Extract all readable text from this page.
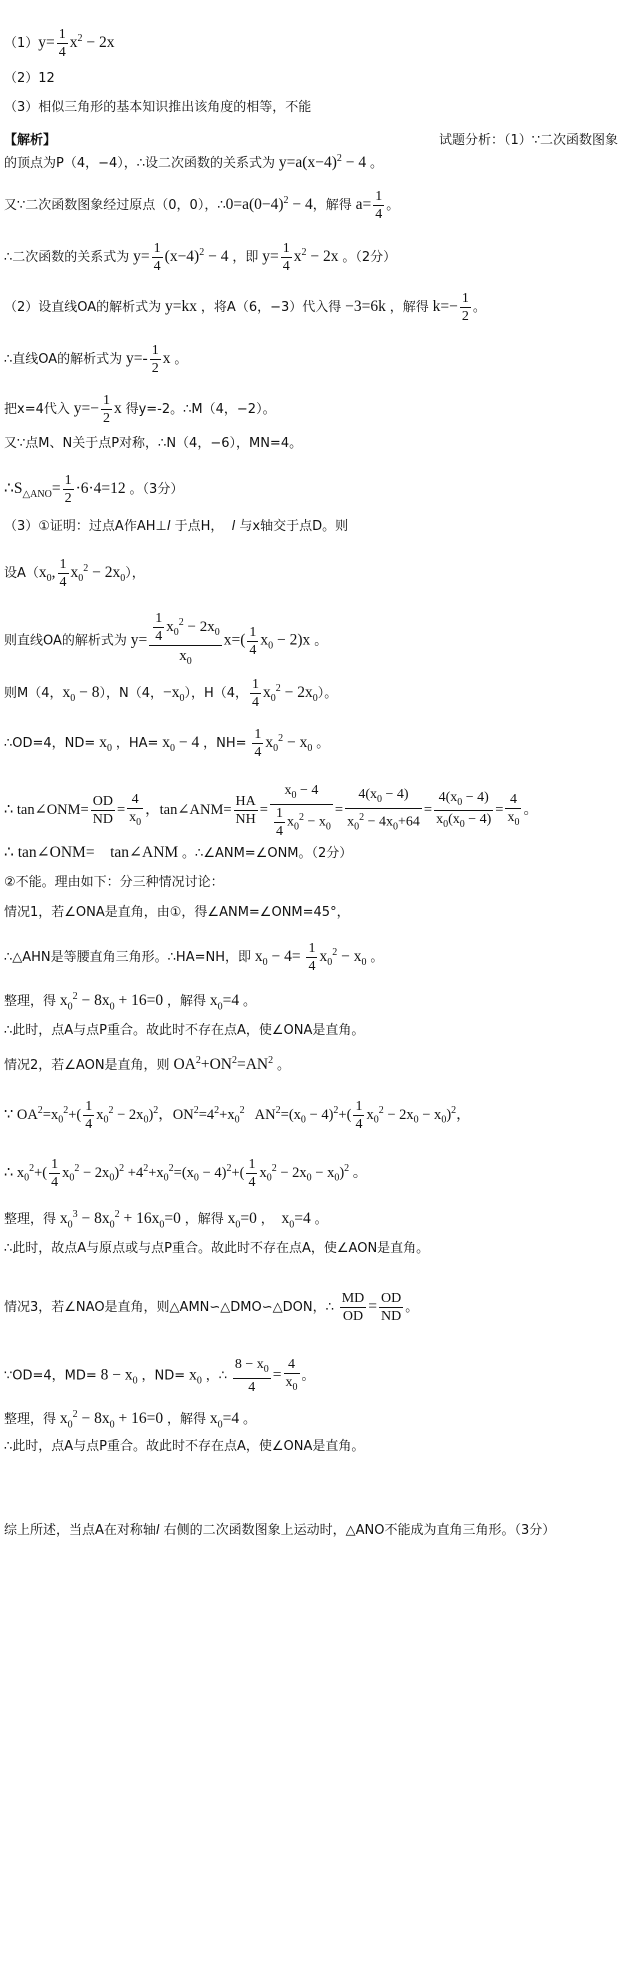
$(1)y= \frac{1}{4} x^2 - 2x$
（2）12
（3）相似三角形的基本知识推出该角度的相等，不能
【解析】	试题分析：（1）∵二次函数图象
的顶点为P（4，−4），∴设二次函数的关系式为 $y=a(x-4)^2 - 4$ 。
又∵二次函数图象经过原点（0，0），$\therefore 0=a(0-4)^2 - 4$，解得 $a= \frac{1}{4}$ 。
∴二次函数的关系式为 $y= \frac{1}{4} (x-4)^2 - 4$ ，即 $y= \frac{1}{4} x^2 - 2x$ 。（2分）
（2）设直线OA的解析式为 y=kx ，将A（6，−3）代入得 −3=6k ，解得 $k=- \frac{1}{2}$ 。
∴直线OA的解析式为 $y=- \frac{1}{2}$ x 。
把x=4代入 $y=- \frac{1}{2}$ x 得y=-2。∴M（4，−2）。
又∵点M、N关于点P对称，∴N（4，−6），MN=4。
$\therefore S_{\triangle ANO}= \frac{1}{2} \cdot 6\cdot 4=12$ 。（3分）
（3）①证明：过点A作AH⊥l 于点H，  l 与x轴交于点D。则
设$A(x_0$, $\frac{1}{4} x_0^2 - 2x_0$），
则直线OA的解析式为 $y= \frac{\frac{1}{4} x_0^2 - 2x_0}{x_0} x=( \frac{1}{4} x_0 - 2)x$ 。
则M（4，$x_0 - 8$），N（4，$-x_0$），H（4， $\frac{1}{4} x_0^2 - 2x_0$）。
∴OD=4，$ND= x_0$ ，$HA= x_0 - 4$ ，$NH= \frac{1}{4} x_0^2 - x_0$ 。
∴ tan∠ONM= $\frac{OD}{ND} = \frac{4}{x_0}$ ，tan∠ANM= $\frac{HA}{NH} = \frac{x_0 - 4}{\frac{1}{4} x_0^2 - x_0} = \frac{4(x_0 - 4)}{x_0^2 - 4x_0+64} = \frac{4(x_0 - 4)}{x_0(x_0 - 4)} = \frac{4}{x_0}$ 。
∴ tan∠ONM=    tan∠ANM 。∴∠ANM=∠ONM。（2分）
②不能。理由如下：分三种情况讨论：
情况1，若∠ONA是直角，由①，得∠ANM=∠ONM=45°，
∴△AHN是等腰直角三角形。∴HA=NH，即 $x_0 - 4= \frac{1}{4} x_0^2 - x_0$ 。
整理，得 $x_0^2 - 8x_0 + 16=0$ ，解得 $x_0=4$ 。
∴此时，点A与点P重合。故此时不存在点A，使∠ONA是直角。
情况2，若∠AON是直角，则 $OA^2+ON^2=AN^2$ 。
∵ $OA^2=x_0^2+( \frac{1}{4} x_0^2 - 2x_0)^2$，$ON^2=4^2+x_0^2$   $AN^2=(x_0 - 4)^2+( \frac{1}{4} x_0^2 - 2x_0 - x_0)^2$，
∴ $x_0^2+( \frac{1}{4} x_0^2 - 2x_0)^2 +4^2+x_0^2=(x_0 - 4)^2+( \frac{1}{4} x_0^2 - 2x_0 - x_0)^2$ 。
整理，得 $x_0^3 - 8x_0^2 + 16x_0=0$ ，解得 $x_0=0$ ，  $x_0=4$ 。
∴此时，故点A与原点或与点P重合。故此时不存在点A，使∠AON是直角。
情况3，若∠NAO是直角，则△AMN∽△DMO∽△DON，∴ $\frac{MD}{OD} = \frac{OD}{ND}$ 。
∵OD=4，$MD= 8 - x_0$ ，$ND= x_0$ ，∴ $\frac{8 - x_0}{4} = \frac{4}{x_0}$ 。
整理，得 $x_0^2 - 8x_0 + 16=0$ ，解得 $x_0=4$ 。
∴此时，点A与点P重合。故此时不存在点A，使∠ONA是直角。
综上所述，当点A在对称轴l 右侧的二次函数图象上运动时，△ANO不能成为直角三角形。（3分）
